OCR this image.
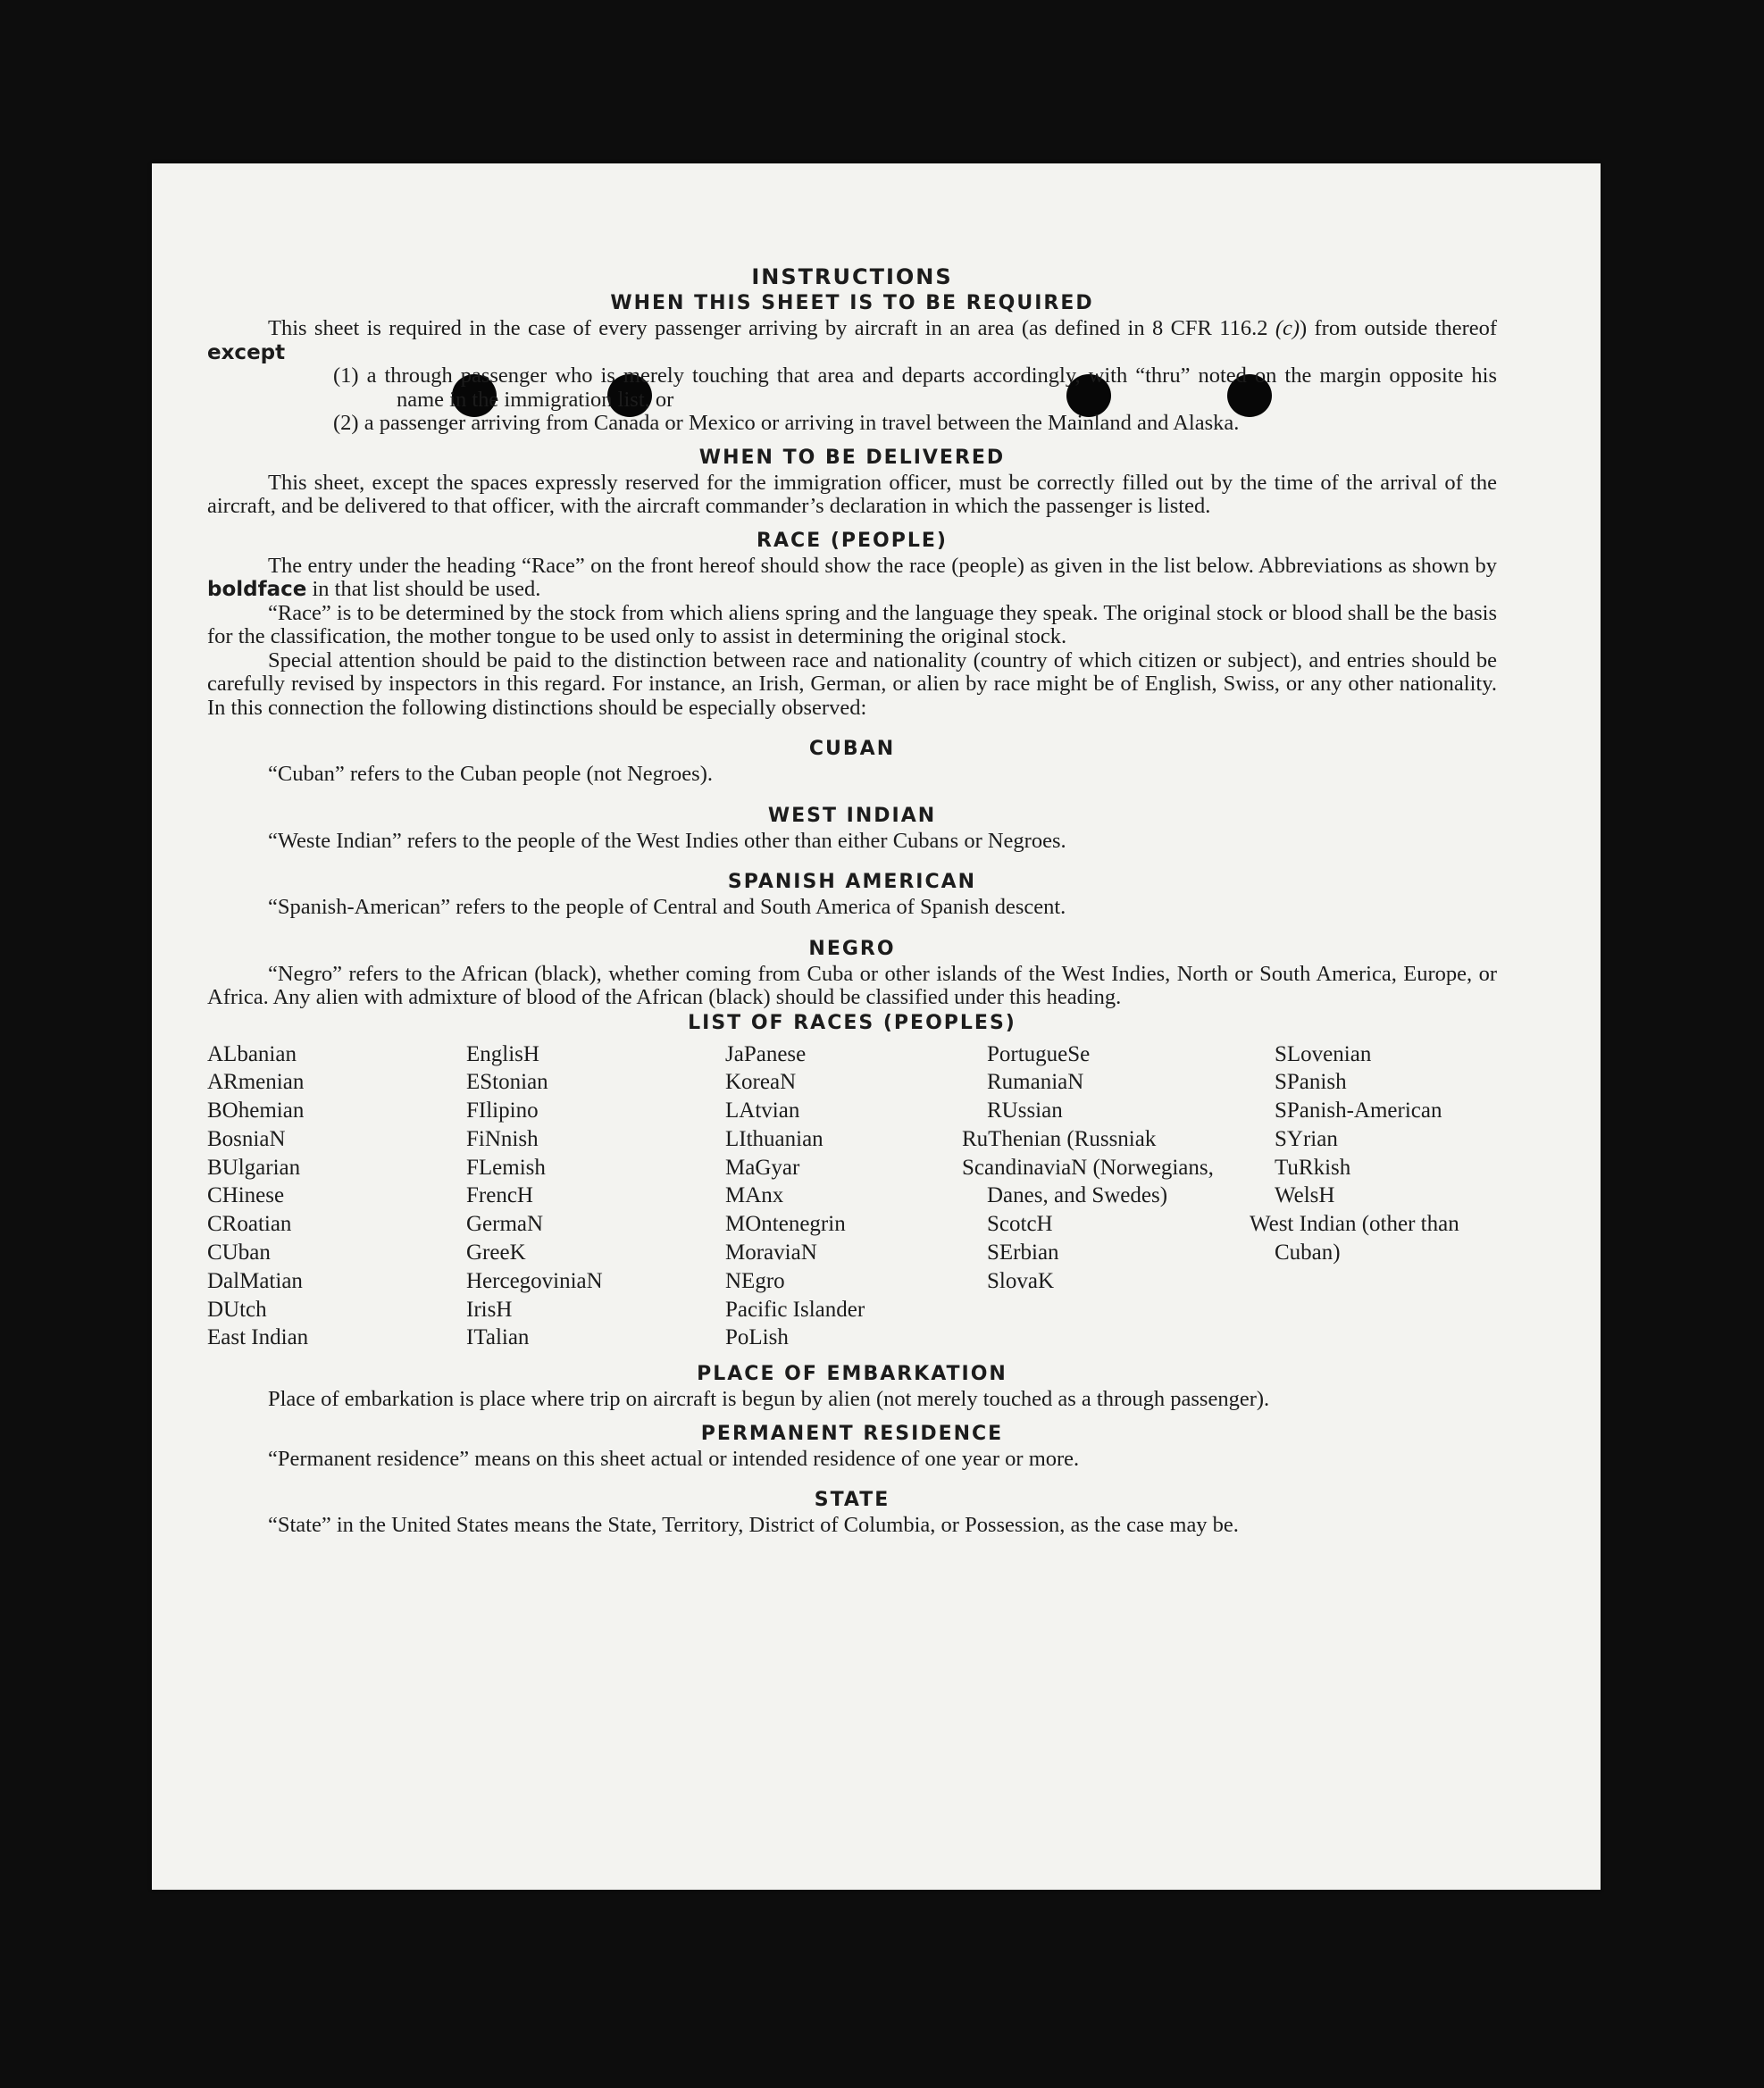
INSTRUCTIONS
WHEN THIS SHEET IS TO BE REQUIRED

This sheet is required in the case of every passenger arriving by aircraft in an area (as defined in 8 CFR 116.2 (c)) from outside thereof except

(1) a through passenger who is merely touching that area and departs accordingly, with “thru” noted on the margin opposite his name in the immigration list, or

(2) a passenger arriving from Canada or Mexico or arriving in travel between the Mainland and Alaska.

WHEN TO BE DELIVERED

This sheet, except the spaces expressly reserved for the immigration officer, must be correctly filled out by the time of the arrival of the aircraft, and be delivered to that officer, with the aircraft commander’s declaration in which the passenger is listed.

RACE (PEOPLE)

The entry under the heading “Race” on the front hereof should show the race (people) as given in the list below. Abbreviations as shown by boldface in that list should be used.

“Race” is to be determined by the stock from which aliens spring and the language they speak. The original stock or blood shall be the basis for the classification, the mother tongue to be used only to assist in determining the original stock.

Special attention should be paid to the distinction between race and nationality (country of which citizen or subject), and entries should be carefully revised by inspectors in this regard. For instance, an Irish, German, or alien by race might be of English, Swiss, or any other nationality. In this connection the following distinctions should be especially observed:

CUBAN

“Cuban” refers to the Cuban people (not Negroes).

WEST INDIAN

“Weste Indian” refers to the people of the West Indies other than either Cubans or Negroes.

SPANISH AMERICAN

“Spanish-American” refers to the people of Central and South America of Spanish descent.

NEGRO

“Negro” refers to the African (black), whether coming from Cuba or other islands of the West Indies, North or South America, Europe, or Africa. Any alien with admixture of blood of the African (black) should be classified under this heading.

LIST OF RACES (PEOPLES)
ALbanian
ARmenian
BOhemian
BosniaN
BUlgarian
CHinese
CRoatian
CUban
DalMatian
DUtch
East Indian
EnglisH
EStonian
FIlipino
FiNnish
FLemish
FrencH
GermaN
GreeK
HercegoviniaN
IrisH
ITalian
JaPanese
KoreaN
LAtvian
LIthuanian
MaGyar
MAnx
MOntenegrin
MoraviaN
NEgro
Pacific Islander
PoLish
PortugueSe
RumaniaN
RUssian
RuThenian (Russniak
ScandinaviaN (Norwegians, Danes, and Swedes)
ScotcH
SErbian
SlovaK
SLovenian
SPanish
SPanish-American
SYrian
TuRkish
WelsH
West Indian (other than Cuban)
PLACE OF EMBARKATION

Place of embarkation is place where trip on aircraft is begun by alien (not merely touched as a through passenger).

PERMANENT RESIDENCE

“Permanent residence” means on this sheet actual or intended residence of one year or more.

STATE

“State” in the United States means the State, Territory, District of Columbia, or Possession, as the case may be.
